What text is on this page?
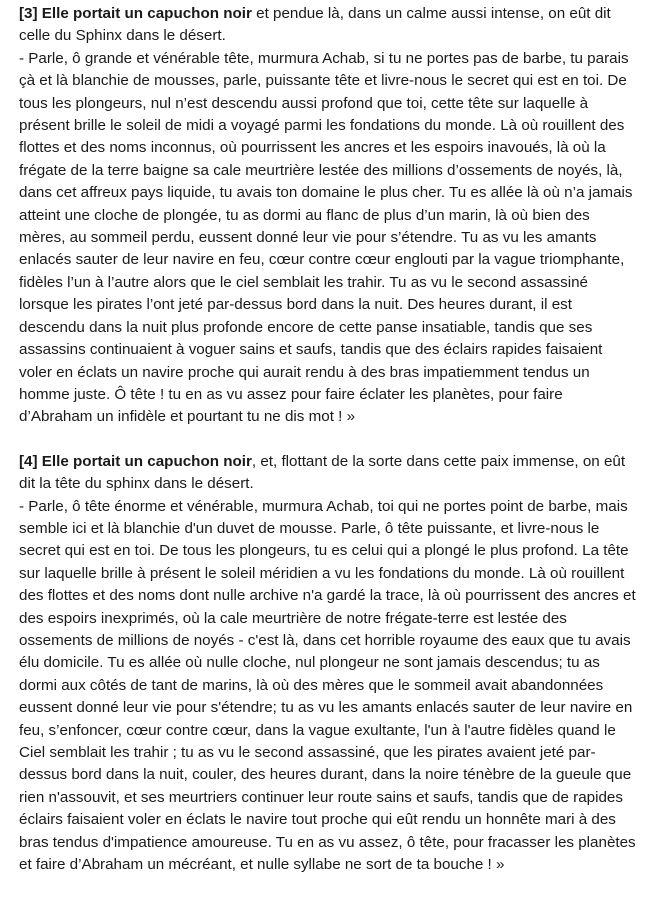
[3] Elle portait un capuchon noir et pendue là, dans un calme aussi intense, on eût dit celle du Sphinx dans le désert.

- Parle, ô grande et vénérable tête, murmura Achab, si tu ne portes pas de barbe, tu parais çà et là blanchie de mousses, parle, puissante tête et livre-nous le secret qui est en toi. De tous les plongeurs, nul n’est descendu aussi profond que toi, cette tête sur laquelle à présent brille le soleil de midi a voyagé parmi les fondations du monde. Là où rouillent des flottes et des noms inconnus, où pourrissent les ancres et les espoirs inavoués, là où la frégate de la terre baigne sa cale meurtrière lestée des millions d’ossements de noyés, là, dans cet affreux pays liquide, tu avais ton domaine le plus cher. Tu es allée là où n’a jamais atteint une cloche de plongée, tu as dormi au flanc de plus d’un marin, là où bien des mères, au sommeil perdu, eussent donné leur vie pour s’étendre. Tu as vu les amants enlacés sauter de leur navire en feu, cœur contre cœur englouti par la vague triomphante, fidèles l’un à l’autre alors que le ciel semblait les trahir. Tu as vu le second assassiné lorsque les pirates l’ont jeté par-dessus bord dans la nuit. Des heures durant, il est descendu dans la nuit plus profonde encore de cette panse insatiable, tandis que ses assassins continuaient à voguer sains et saufs, tandis que des éclairs rapides faisaient voler en éclats un navire proche qui aurait rendu à des bras impatiemment tendus un homme juste. Ô tête ! tu en as vu assez pour faire éclater les planètes, pour faire d’Abraham un infidèle et pourtant tu ne dis mot ! »

[4] Elle portait un capuchon noir, et, flottant de la sorte dans cette paix immense, on eût dit la tête du sphinx dans le désert.

- Parle, ô tête énorme et vénérable, murmura Achab, toi qui ne portes point de barbe, mais semble ici et là blanchie d'un duvet de mousse. Parle, ô tête puissante, et livre-nous le secret qui est en toi. De tous les plongeurs, tu es celui qui a plongé le plus profond. La tête sur laquelle brille à présent le soleil méridien a vu les fondations du monde. Là où rouillent des flottes et des noms dont nulle archive n'a gardé la trace, là où pourrissent des ancres et des espoirs inexprimés, où la cale meurtrière de notre frégate-terre est lestée des ossements de millions de noyés - c'est là, dans cet horrible royaume des eaux que tu avais élu domicile. Tu es allée où nulle cloche, nul plongeur ne sont jamais descendus; tu as dormi aux côtés de tant de marins, là où des mères que le sommeil avait abandonnées eussent donné leur vie pour s'étendre; tu as vu les amants enlacés sauter de leur navire en feu, s’enfoncer, cœur contre cœur, dans la vague exultante, l'un à l'autre fidèles quand le Ciel semblait les trahir ; tu as vu le second assassiné, que les pirates avaient jeté par-dessus bord dans la nuit, couler, des heures durant, dans la noire ténèbre de la gueule que rien n'assouvit, et ses meurtriers continuer leur route sains et saufs, tandis que de rapides éclairs faisaient voler en éclats le navire tout proche qui eût rendu un honnête mari à des bras tendus d'impatience amoureuse. Tu en as vu assez, ô tête, pour fracasser les planètes et faire d’Abraham un mécréant, et nulle syllabe ne sort de ta bouche ! »
